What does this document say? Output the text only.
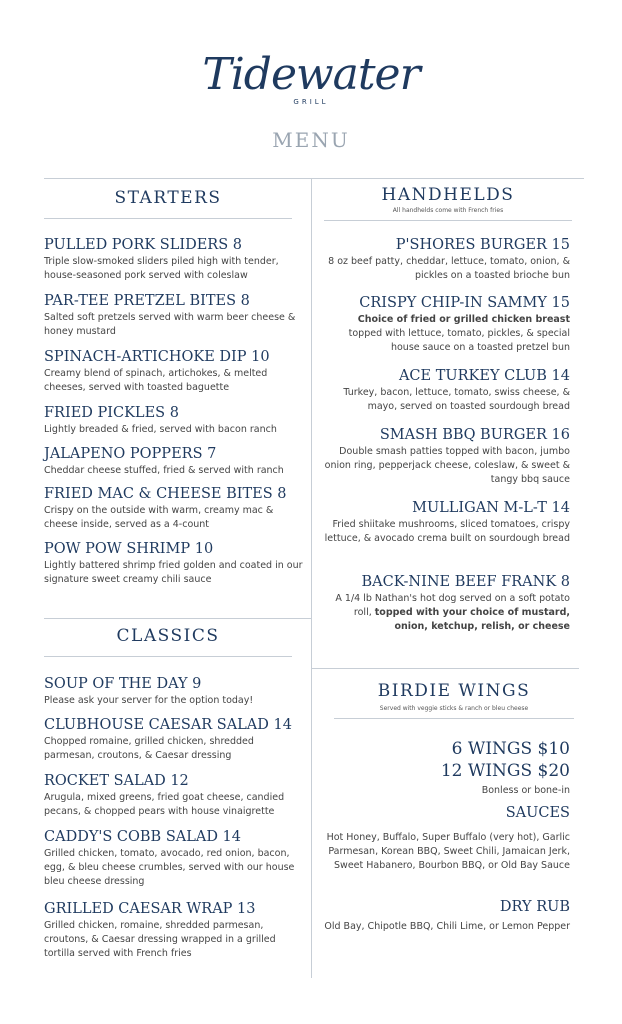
Tidewater
GRILL
MENU
STARTERS	HANDHELDS
All handhelds come with French fries
CLASSICS
BIRDIE WINGS
Served with veggie sticks & ranch or bleu cheese
PULLED PORK SLIDERS 8

Triple slow-smoked sliders piled high with tender, house-seasoned pork served with coleslaw

PAR-TEE PRETZEL BITES 8

Salted soft pretzels served with warm beer cheese & honey mustard

SPINACH-ARTICHOKE DIP 10

Creamy blend of spinach, artichokes, & melted cheeses, served with toasted baguette

FRIED PICKLES 8

Lightly breaded & fried, served with bacon ranch

JALAPENO POPPERS 7

Cheddar cheese stuffed, fried & served with ranch

FRIED MAC & CHEESE BITES 8

Crispy on the outside with warm, creamy mac & cheese inside, served as a 4-count

POW POW SHRIMP 10

Lightly battered shrimp fried golden and coated in our signature sweet creamy chili sauce

SOUP OF THE DAY 9

Please ask your server for the option today!

CLUBHOUSE CAESAR SALAD 14

Chopped romaine, grilled chicken, shredded parmesan, croutons, & Caesar dressing

ROCKET SALAD 12

Arugula, mixed greens, fried goat cheese, candied pecans, & chopped pears with house vinaigrette

CADDY'S COBB SALAD 14

Grilled chicken, tomato, avocado, red onion, bacon, egg, & bleu cheese crumbles, served with our house bleu cheese dressing

GRILLED CAESAR WRAP 13

Grilled chicken, romaine, shredded parmesan, croutons, & Caesar dressing wrapped in a grilled tortilla served with French fries

P'SHORES BURGER 15

8 oz beef patty, cheddar, lettuce, tomato, onion, & pickles on a toasted brioche bun

CRISPY CHIP-IN SAMMY 15

Choice of fried or grilled chicken breast
topped with lettuce, tomato, pickles, & special house sauce on a toasted pretzel bun

ACE TURKEY CLUB 14

Turkey, bacon, lettuce, tomato, swiss cheese, & mayo, served on toasted sourdough bread

SMASH BBQ BURGER 16

Double smash patties topped with bacon, jumbo onion ring, pepperjack cheese, coleslaw, & sweet & tangy bbq sauce

MULLIGAN M-L-T 14

Fried shiitake mushrooms, sliced tomatoes, crispy lettuce, & avocado crema built on sourdough bread

BACK-NINE BEEF FRANK 8

A 1/4 lb Nathan's hot dog served on a soft potato roll, topped with your choice of mustard, onion, ketchup, relish, or cheese

6 WINGS $10
12 WINGS $20

Bonless or bone-in

SAUCES

Hot Honey, Buffalo, Super Buffalo (very hot), Garlic Parmesan, Korean BBQ, Sweet Chili, Jamaican Jerk, Sweet Habanero, Bourbon BBQ, or Old Bay Sauce

DRY RUB

Old Bay, Chipotle BBQ, Chili Lime, or Lemon Pepper
